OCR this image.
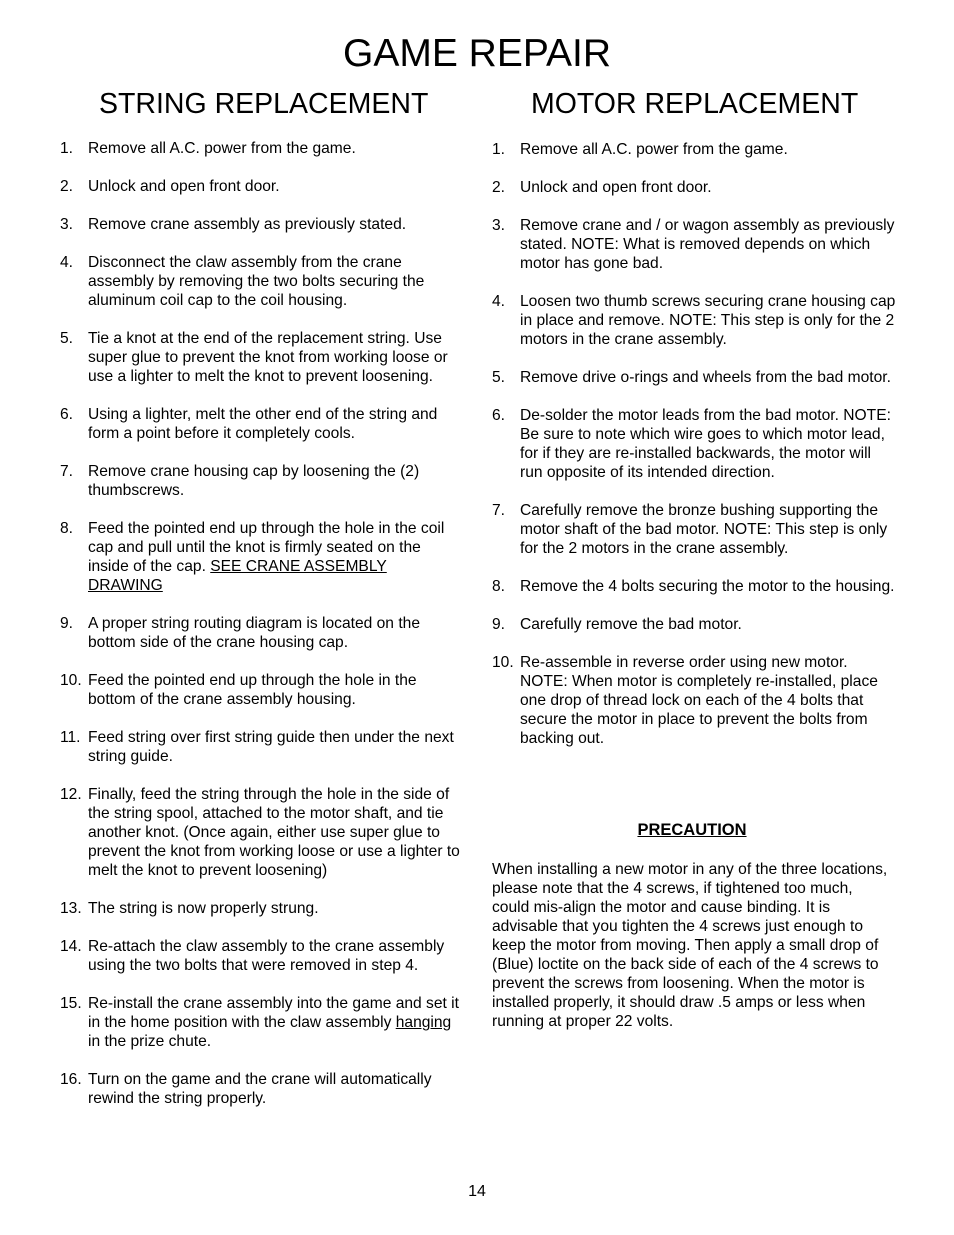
GAME REPAIR
STRING REPLACEMENT	MOTOR REPLACEMENT
1. Remove all A.C. power from the game.
2. Unlock and open front door.
3. Remove crane assembly as previously stated.
4. Disconnect the claw assembly from the crane assembly by removing the two bolts securing the aluminum coil cap to the coil housing.
5. Tie a knot at the end of the replacement string. Use super glue to prevent the knot from working loose or use a lighter to melt the knot to prevent loosening.
6. Using a lighter, melt the other end of the string and form a point before it completely cools.
7. Remove crane housing cap by loosening the (2) thumbscrews.
8. Feed the pointed end up through the hole in the coil cap and pull until the knot is firmly seated on the inside of the cap. SEE CRANE ASSEMBLY DRAWING
9. A proper string routing diagram is located on the bottom side of the crane housing cap.
10. Feed the pointed end up through the hole in the bottom of the crane assembly housing.
11. Feed string over first string guide then under the next string guide.
12. Finally, feed the string through the hole in the side of the string spool, attached to the motor shaft, and tie another knot. (Once again, either use super glue to prevent the knot from working loose or use a lighter to melt the knot to prevent loosening)
13. The string is now properly strung.
14. Re-attach the claw assembly to the crane assembly using the two bolts that were removed in step 4.
15. Re-install the crane assembly into the game and set it in the home position with the claw assembly hanging in the prize chute.
16. Turn on the game and the crane will automatically rewind the string properly.
1. Remove all A.C. power from the game.
2. Unlock and open front door.
3. Remove crane and / or wagon assembly as previously stated. NOTE: What is removed depends on which motor has gone bad.
4. Loosen two thumb screws securing crane housing cap in place and remove. NOTE: This step is only for the 2 motors in the crane assembly.
5. Remove drive o-rings and wheels from the bad motor.
6. De-solder the motor leads from the bad motor. NOTE: Be sure to note which wire goes to which motor lead, for if they are re-installed backwards, the motor will run opposite of its intended direction.
7. Carefully remove the bronze bushing supporting the motor shaft of the bad motor. NOTE: This step is only for the 2 motors in the crane assembly.
8. Remove the 4 bolts securing the motor to the housing.
9. Carefully remove the bad motor.
10. Re-assemble in reverse order using new motor. NOTE: When motor is completely re-installed, place one drop of thread lock on each of the 4 bolts that secure the motor in place to prevent the bolts from backing out.
PRECAUTION

When installing a new motor in any of the three locations, please note that the 4 screws, if tightened too much, could mis-align the motor and cause binding. It is advisable that you tighten the 4 screws just enough to keep the motor from moving. Then apply a small drop of (Blue) loctite on the back side of each of the 4 screws to prevent the screws from loosening. When the motor is installed properly, it should draw .5 amps or less when running at proper 22 volts.

14
